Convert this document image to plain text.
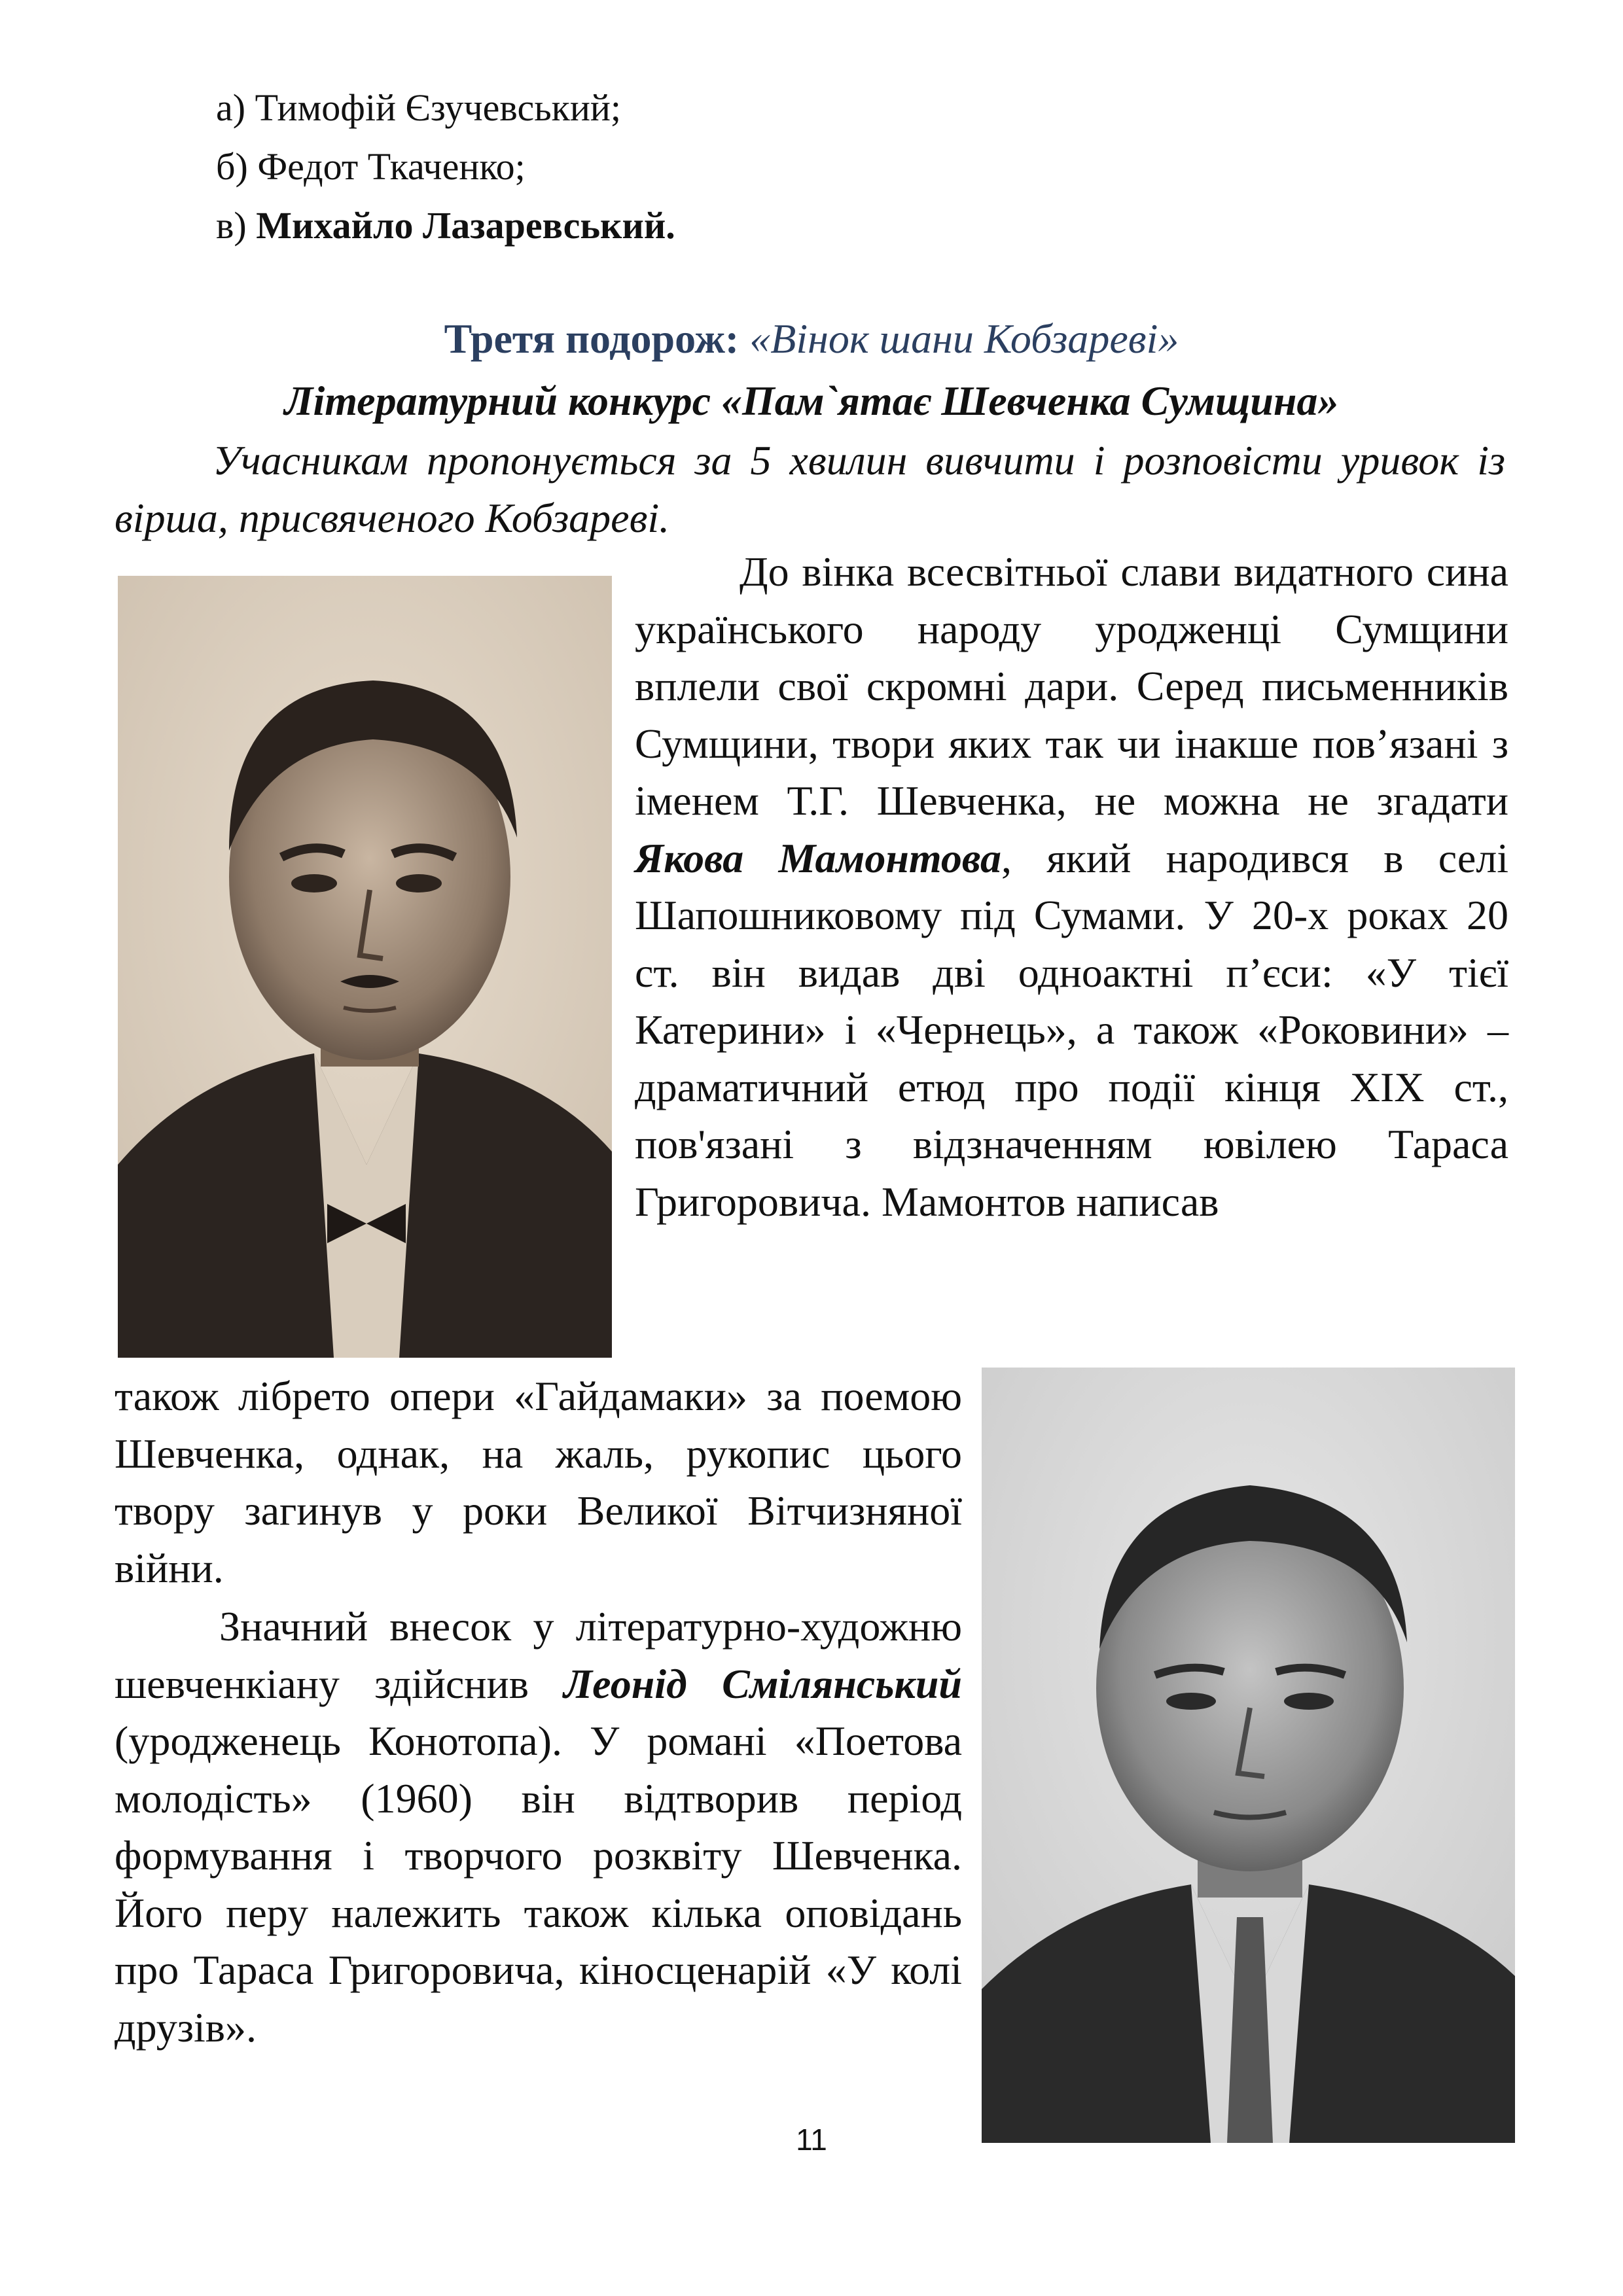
а) Тимофій Єзучевський;
б) Федот Ткаченко;
в) Михайло Лазаревський.
Третя подорож: «Вінок шани Кобзареві»
Літературний конкурс «Пам`ятає Шевченка Сумщина»
Учасникам пропонується за 5 хвилин вивчити і розповісти уривок із вірша, присвяченого Кобзареві.
До вінка всесвітньої слави видатного сина українського народу уродженці Сумщини вплели свої скромні дари. Серед письменників Сумщини, твори яких так чи інакше пов’язані з іменем Т.Г. Шевченка, не можна не згадати Якова Мамонтова, який народився в селі Шапошниковому під Сумами. У 20-х роках 20 ст. він видав дві одноактні п’єси: «У тієї Катерини» і «Чернець», а також «Роковини» – драматичний етюд про події кінця XIX ст., пов'язані з відзначенням ювілею Тараса Григоровича. Мамонтов написав
також лібрето опери «Гайдамаки» за поемою Шевченка, однак, на жаль, рукопис цього твору загинув у роки Великої Вітчизняної війни.
Значний внесок у літературно-художню шевченкіану здійснив Леонід Смілянський (уродженець Конотопа). У романі «Поетова молодість» (1960) він відтворив період формування і творчого розквіту Шевченка. Його перу належить також кілька оповідань про Тараса Григоровича, кіносценарій «У колі друзів».
11
